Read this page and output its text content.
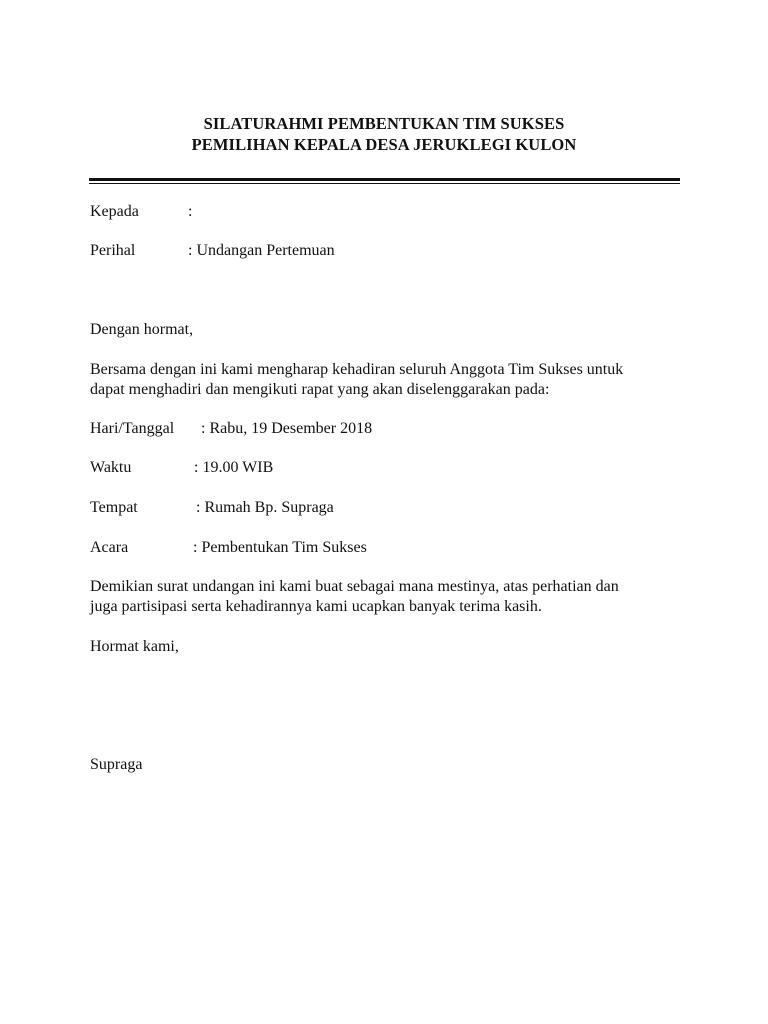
SILATURAHMI PEMBENTUKAN TIM SUKSES
PEMILIHAN KEPALA DESA JERUKLEGI KULON
Kepada	:
Perihal	: Undangan Pertemuan
Dengan hormat,
Bersama dengan ini kami mengharap kehadiran seluruh Anggota Tim Sukses untuk
dapat menghadiri dan mengikuti rapat yang akan diselenggarakan pada:
Hari/Tanggal : Rabu, 19 Desember 2018
Waktu	: 19.00 WIB
Tempat	: Rumah Bp. Supraga
Acara	: Pembentukan Tim Sukses
Demikian surat undangan ini kami buat sebagai mana mestinya, atas perhatian dan
juga partisipasi serta kehadirannya kami ucapkan banyak terima kasih.
Hormat kami,
Supraga
